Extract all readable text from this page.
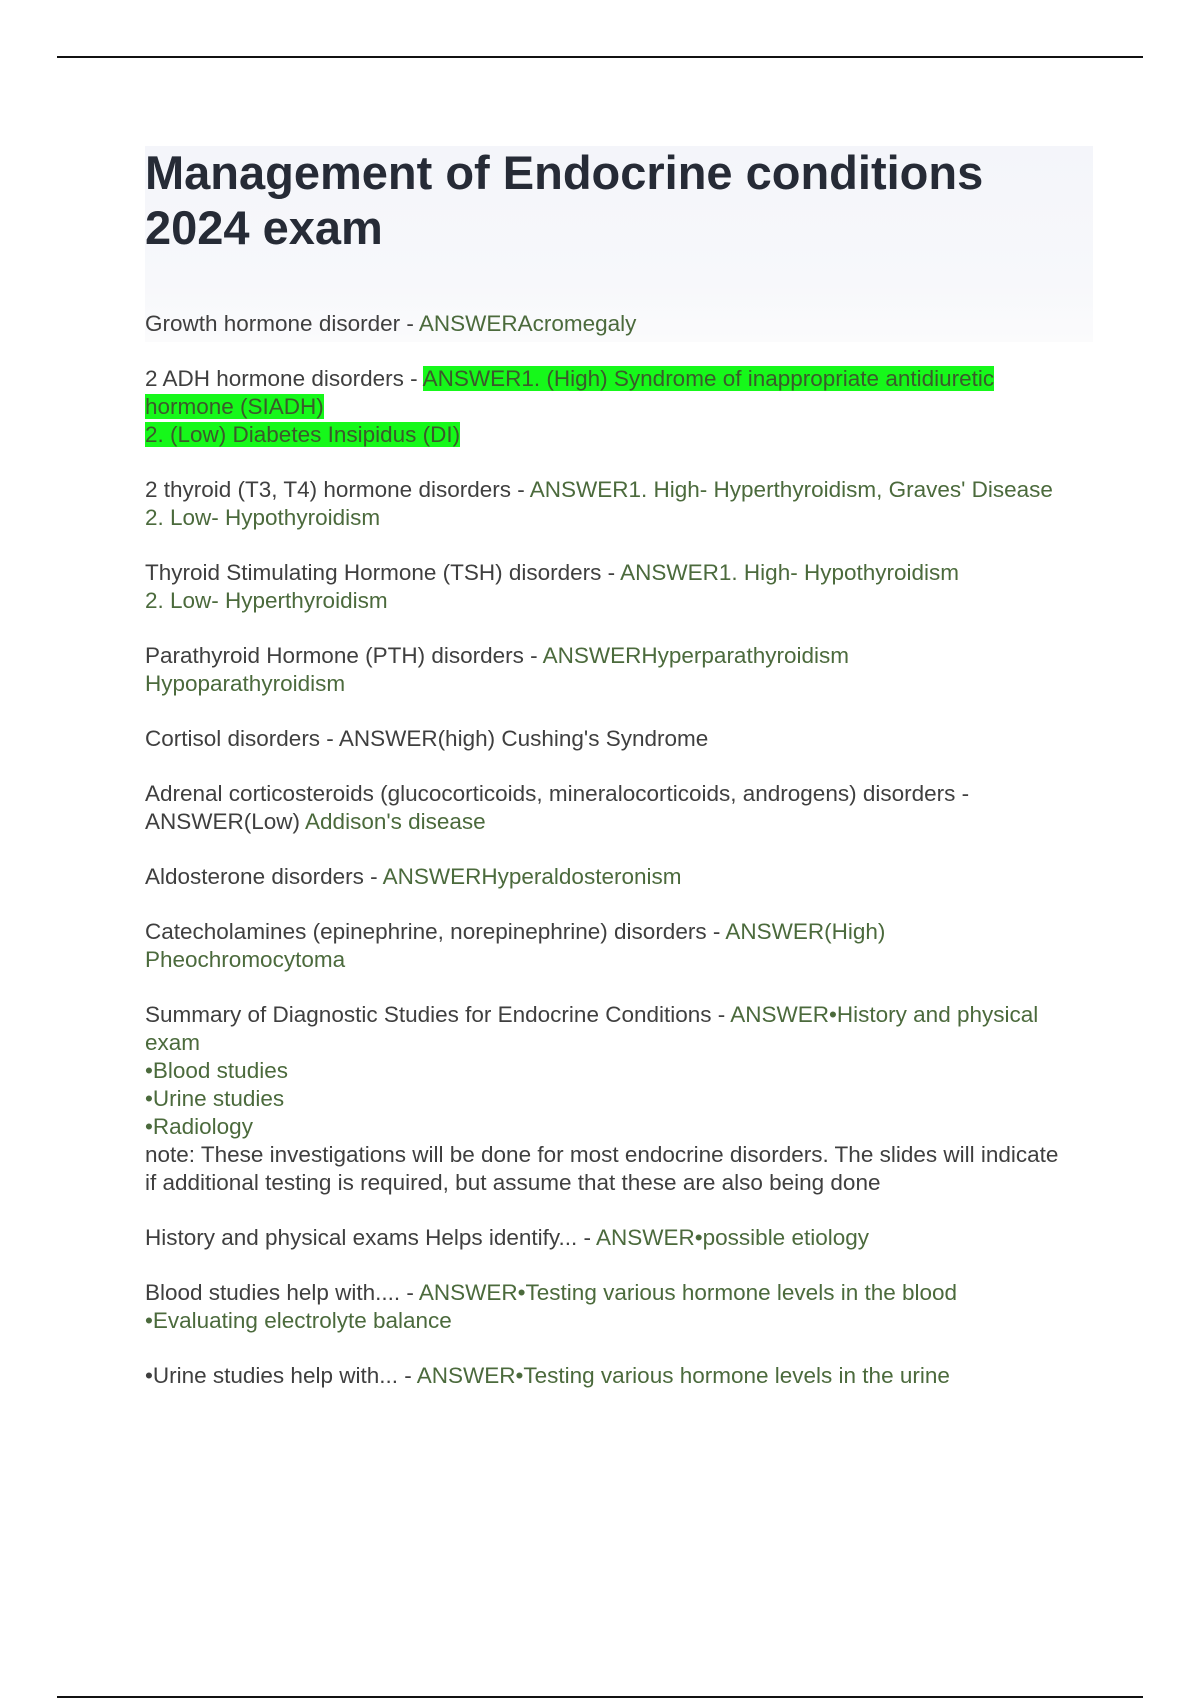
Management of Endocrine conditions 2024 exam

Growth hormone disorder - ANSWERAcromegaly

2 ADH hormone disorders - ANSWER1. (High) Syndrome of inappropriate antidiuretic hormone (SIADH)
2. (Low) Diabetes Insipidus (DI)

2 thyroid (T3, T4) hormone disorders - ANSWER1. High- Hyperthyroidism, Graves' Disease
2. Low- Hypothyroidism

Thyroid Stimulating Hormone (TSH) disorders - ANSWER1. High- Hypothyroidism
2. Low- Hyperthyroidism

Parathyroid Hormone (PTH) disorders - ANSWERHyperparathyroidism
Hypoparathyroidism

Cortisol disorders - ANSWER(high) Cushing's Syndrome

Adrenal corticosteroids (glucocorticoids, mineralocorticoids, androgens) disorders - ANSWER(Low) Addison's disease

Aldosterone disorders - ANSWERHyperaldosteronism

Catecholamines (epinephrine, norepinephrine) disorders - ANSWER(High)
Pheochromocytoma

Summary of Diagnostic Studies for Endocrine Conditions - ANSWER•History and physical exam
•Blood studies
•Urine studies
•Radiology
note: These investigations will be done for most endocrine disorders. The slides will indicate if additional testing is required, but assume that these are also being done

History and physical exams Helps identify... - ANSWER•possible etiology

Blood studies help with.... - ANSWER•Testing various hormone levels in the blood
•Evaluating electrolyte balance

•Urine studies help with... - ANSWER•Testing various hormone levels in the urine
